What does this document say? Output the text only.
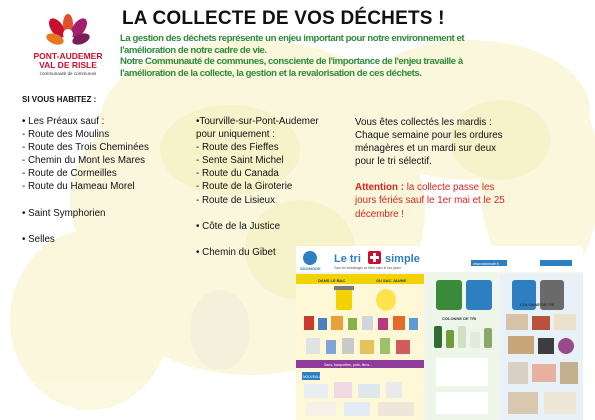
PONT-AUDEMER
VAL DE RISLE
communauté de communes
LA COLLECTE DE VOS DÉCHETS !

La gestion des déchets représente un enjeu important pour notre environnement et l'amélioration de notre cadre de vie.

Notre Communauté de communes, consciente de l'importance de l'enjeu travaille à l'amélioration de la collecte, la gestion et la revalorisation de ces déchets.

SI VOUS HABITEZ :
• Les Préaux sauf :
- Route des Moulins
- Route des Trois Cheminées
- Chemin du Mont les Mares
- Route de Cormeilles
- Route du Hameau Morel
• Saint Symphorien
• Selles
•Tourville-sur-Pont-Audemer
pour uniquement :
- Route des Fieffes
- Sente Saint Michel
- Route du Canada
- Route de la Giroterie
- Route de Lisieux
• Côte de la Justice
• Chemin du Gibet
Vous êtes collectés les mardis :
Chaque semaine pour les ordures
ménagères et un mardi sur deux
pour le tri sélectif.
Attention : la collecte passe les
jours fériés sauf le 1er mai et le 25
décembre !
SDOMODE
Le tri simple
Tous les emballages se trient dans le bac jaune
www.sdomode.fr
DANS LE BAC	OU SAC JAUNE
Sacs, barquettes, pots, films...
NOUVEAU
COLONNE DE TRI
COLONNE DE TRI
